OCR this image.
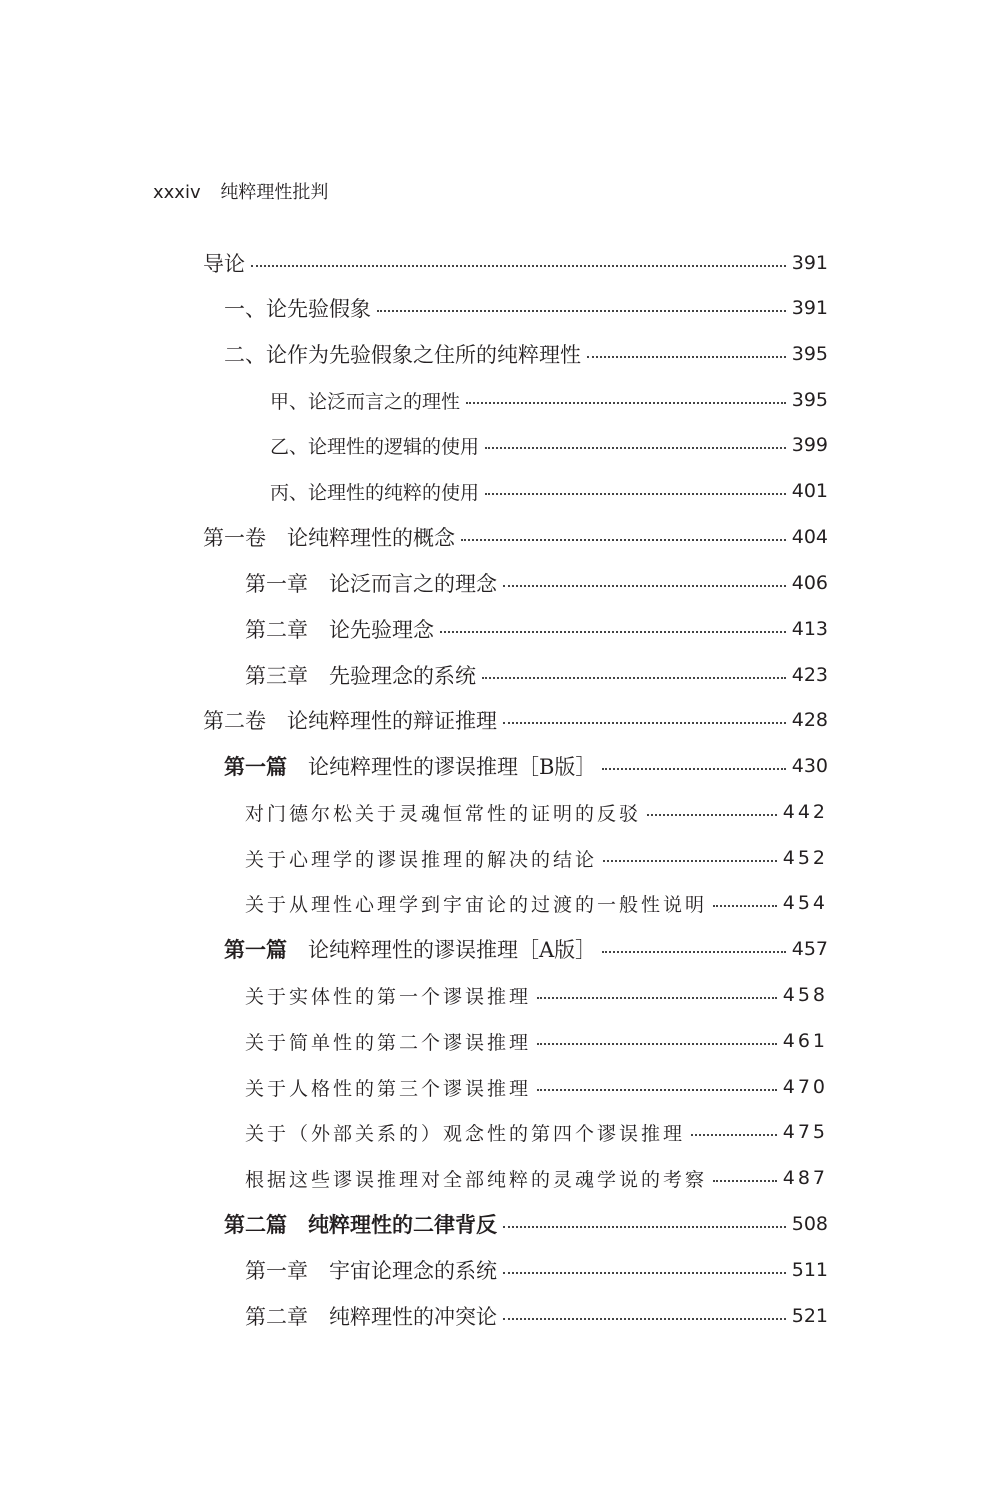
xxxiv 纯粹理性批判
导论	391
一、论先验假象	391
二、论作为先验假象之住所的纯粹理性	395
甲、论泛而言之的理性	395
乙、论理性的逻辑的使用	399
丙、论理性的纯粹的使用	401
第一卷　论纯粹理性的概念	404
第一章　论泛而言之的理念	406
第二章　论先验理念	413
第三章　先验理念的系统	423
第二卷　论纯粹理性的辩证推理	428
第一篇　论纯粹理性的谬误推理［B版］	430
对门德尔松关于灵魂恒常性的证明的反驳	442
关于心理学的谬误推理的解决的结论	452
关于从理性心理学到宇宙论的过渡的一般性说明	454
第一篇　论纯粹理性的谬误推理［A版］	457
关于实体性的第一个谬误推理	458
关于简单性的第二个谬误推理	461
关于人格性的第三个谬误推理	470
关于（外部关系的）观念性的第四个谬误推理	475
根据这些谬误推理对全部纯粹的灵魂学说的考察	487
第二篇　纯粹理性的二律背反	508
第一章　宇宙论理念的系统	511
第二章　纯粹理性的冲突论	521
